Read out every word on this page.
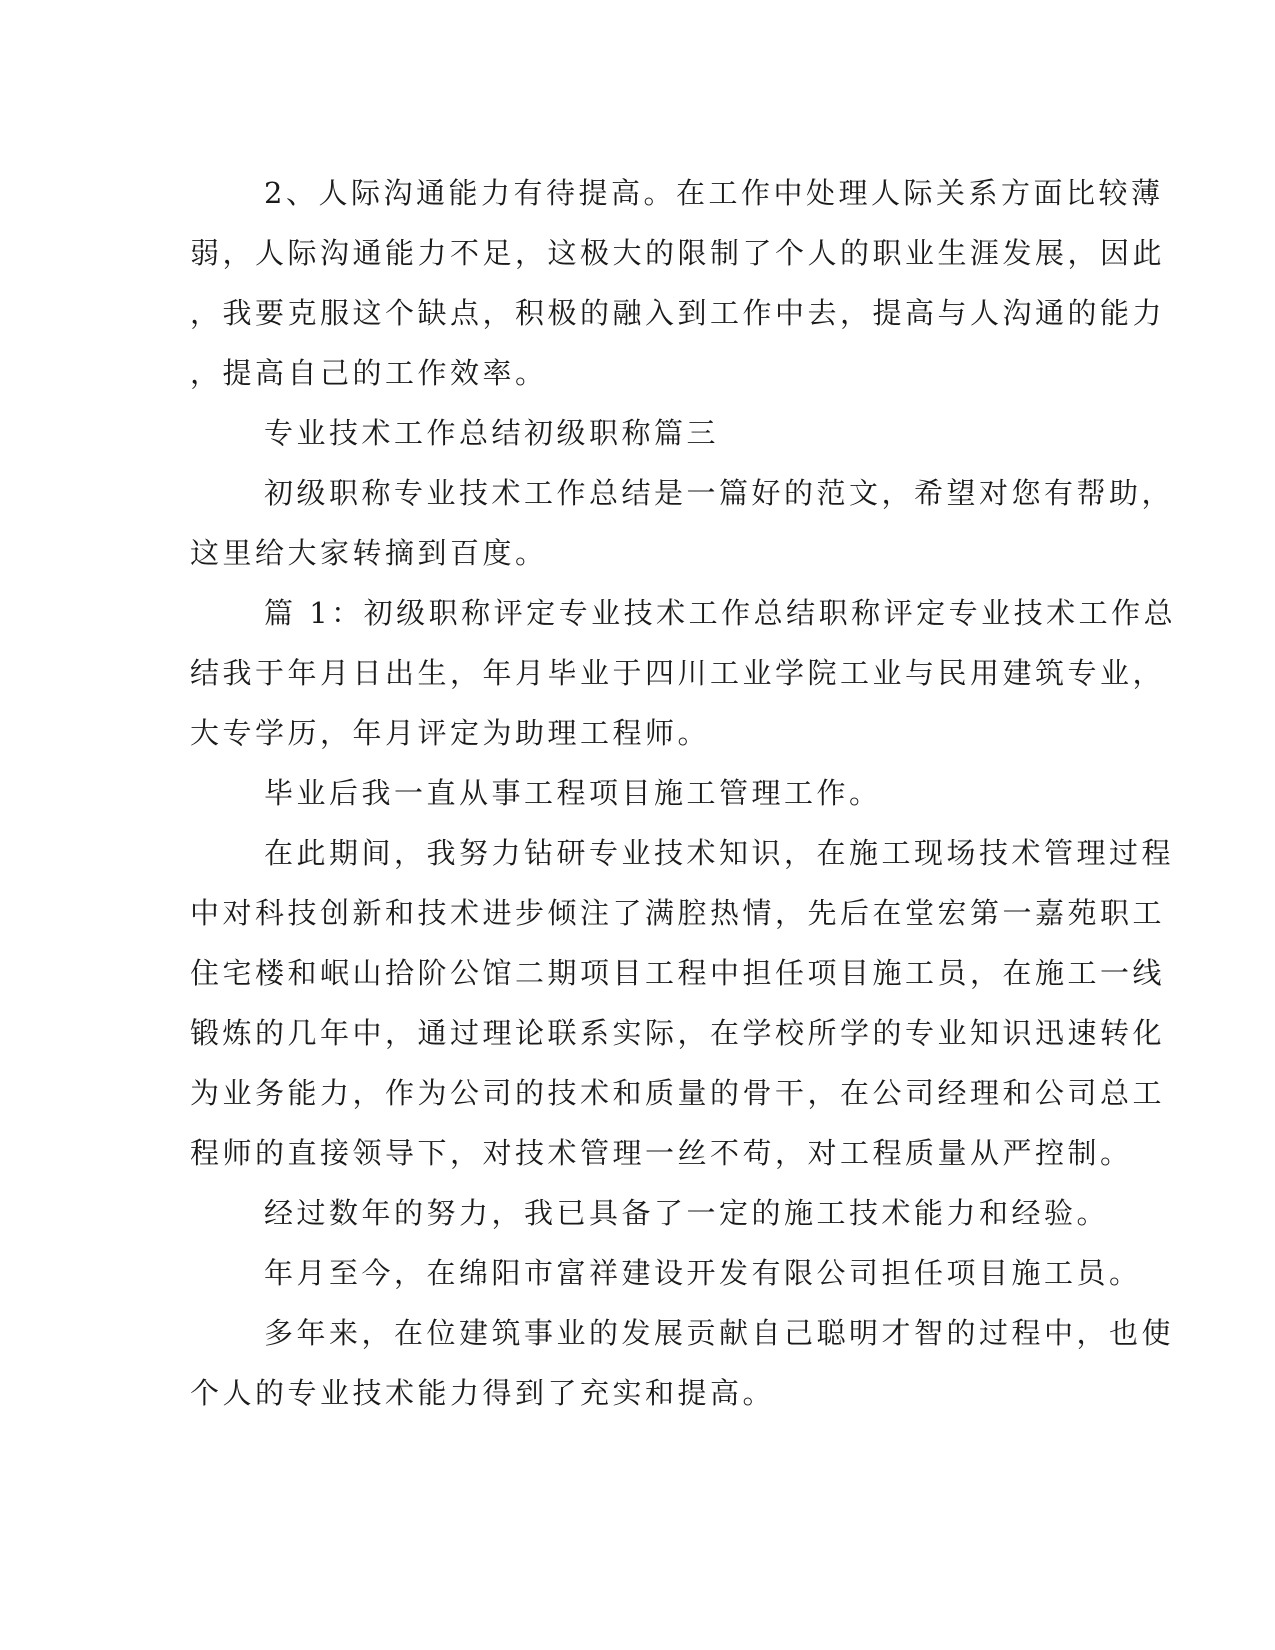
2、人际沟通能力有待提高。在工作中处理人际关系方面比较薄
弱，人际沟通能力不足，这极大的限制了个人的职业生涯发展，因此
，我要克服这个缺点，积极的融入到工作中去，提高与人沟通的能力
，提高自己的工作效率。
专业技术工作总结初级职称篇三
初级职称专业技术工作总结是一篇好的范文，希望对您有帮助，
这里给大家转摘到百度。
篇 1：初级职称评定专业技术工作总结职称评定专业技术工作总
结我于年月日出生，年月毕业于四川工业学院工业与民用建筑专业，
大专学历，年月评定为助理工程师。
毕业后我一直从事工程项目施工管理工作。
在此期间，我努力钻研专业技术知识，在施工现场技术管理过程
中对科技创新和技术进步倾注了满腔热情，先后在堂宏第一嘉苑职工
住宅楼和岷山拾阶公馆二期项目工程中担任项目施工员，在施工一线
锻炼的几年中，通过理论联系实际，在学校所学的专业知识迅速转化
为业务能力，作为公司的技术和质量的骨干，在公司经理和公司总工
程师的直接领导下，对技术管理一丝不苟，对工程质量从严控制。
经过数年的努力，我已具备了一定的施工技术能力和经验。
年月至今，在绵阳市富祥建设开发有限公司担任项目施工员。
多年来，在位建筑事业的发展贡献自己聪明才智的过程中，也使
个人的专业技术能力得到了充实和提高。
